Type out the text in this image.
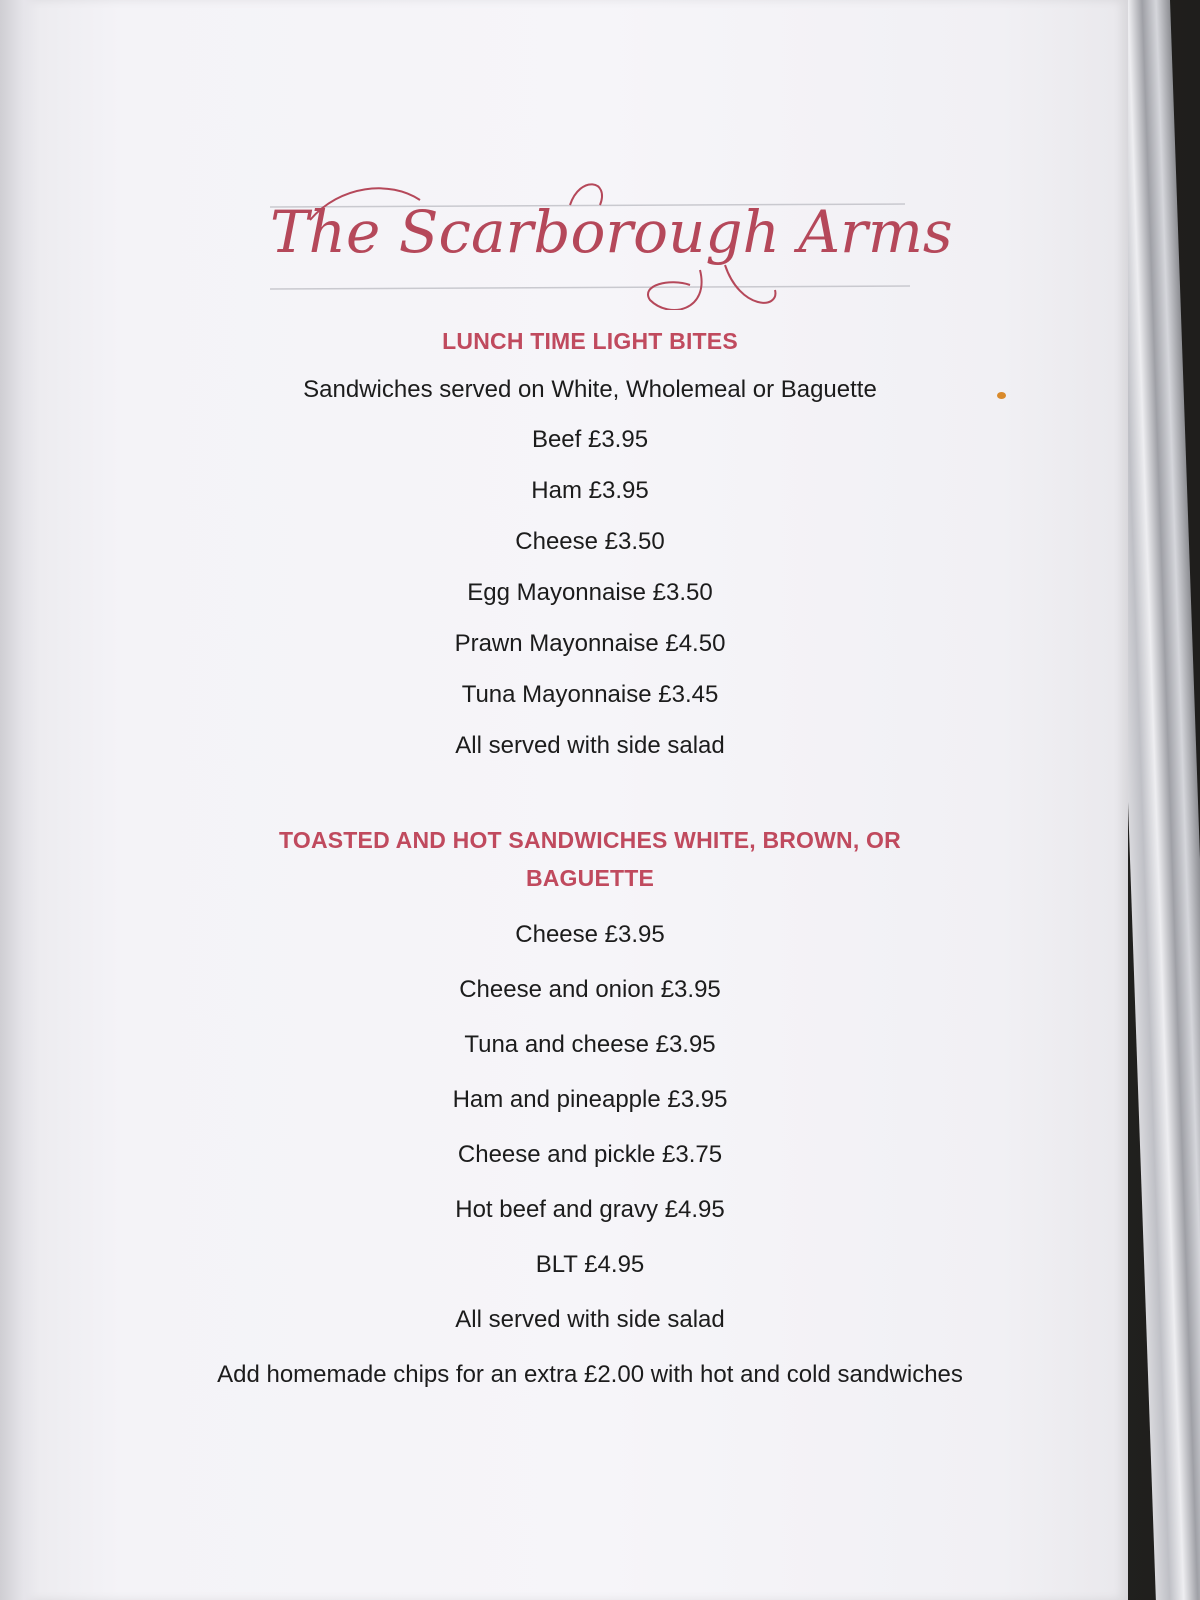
The Scarborough Arms
LUNCH TIME LIGHT BITES
Sandwiches served on White, Wholemeal or Baguette
Beef £3.95
Ham £3.95
Cheese £3.50
Egg Mayonnaise £3.50
Prawn Mayonnaise £4.50
Tuna Mayonnaise £3.45
All served with side salad
TOASTED AND HOT SANDWICHES WHITE, BROWN, OR
BAGUETTE
Cheese £3.95
Cheese and onion £3.95
Tuna and cheese £3.95
Ham and pineapple £3.95
Cheese and pickle £3.75
Hot beef and gravy £4.95
BLT £4.95
All served with side salad
Add homemade chips for an extra £2.00 with hot and cold sandwiches
